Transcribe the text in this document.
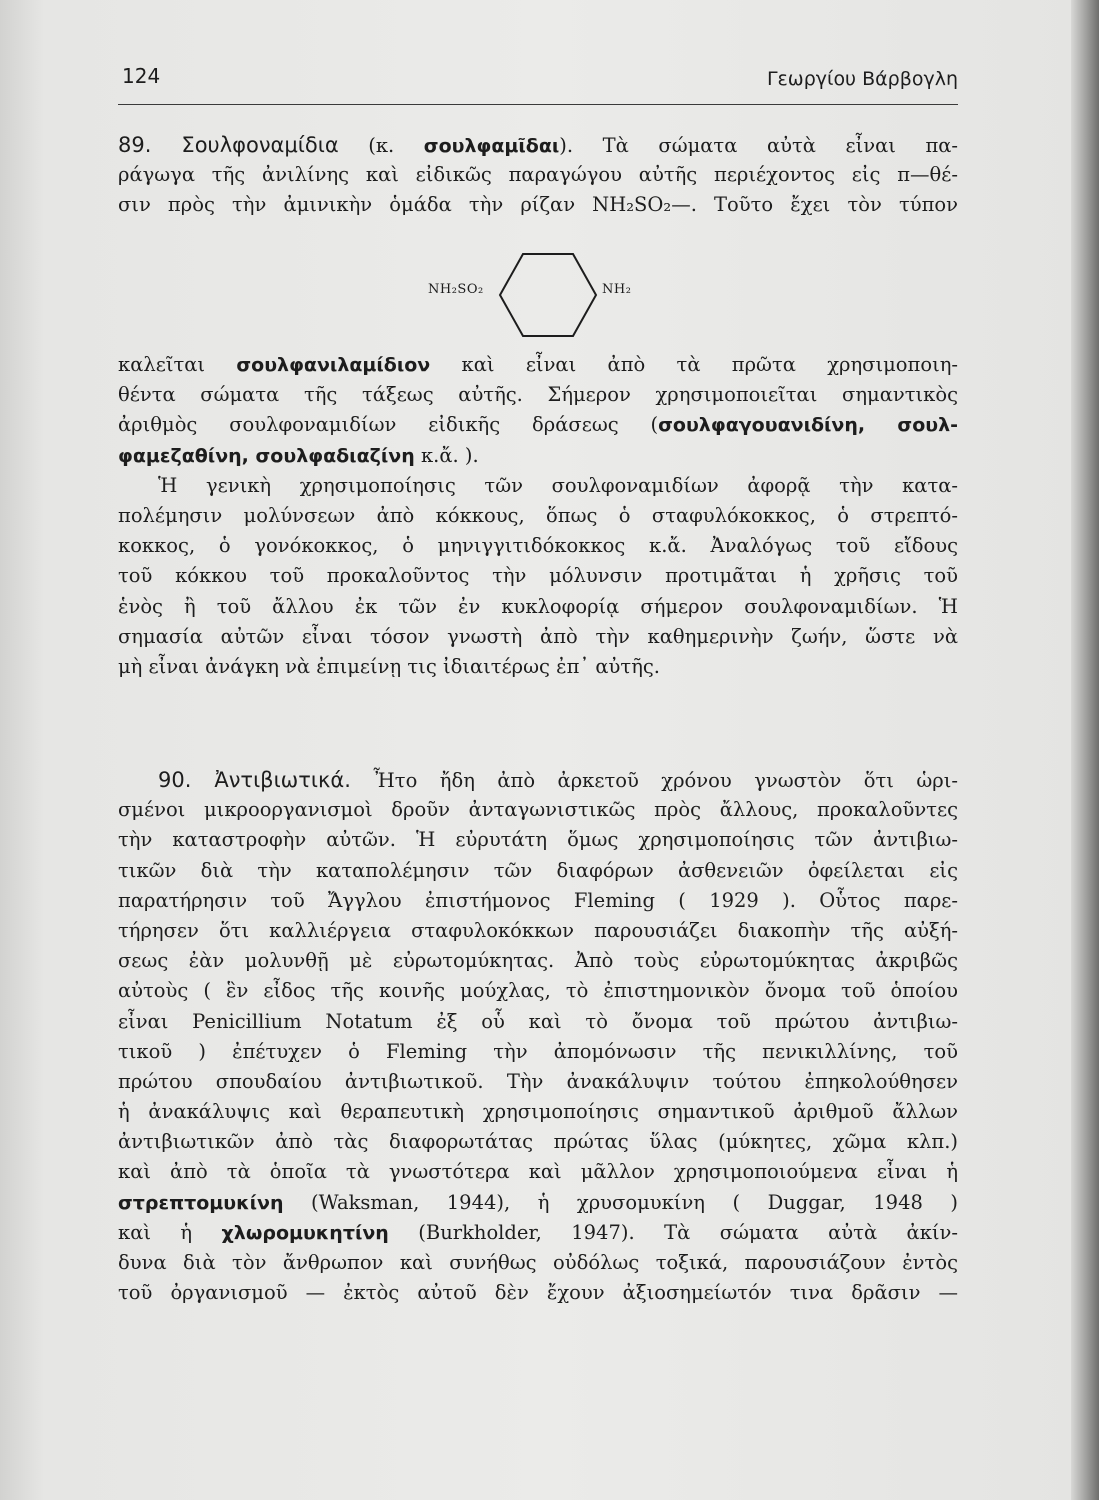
124	Γεωργίου Βάρβογλη
89. Σουλφοναμίδια (κ. σουλφαμῖδαι). Τὰ σώματα αὐτὰ εἶναι πα-
ράγωγα τῆς ἀνιλίνης καὶ εἰδικῶς παραγώγου αὐτῆς περιέχοντος εἰς π—θέ-
σιν πρὸς τὴν ἀμινικὴν ὁμάδα τὴν ρίζαν NH₂SO₂—. Τοῦτο ἔχει τὸν τύπον
NH₂SO₂	NH₂
καλεῖται σουλφανιλαμίδιον καὶ εἶναι ἀπὸ τὰ πρῶτα χρησιμοποιη-
θέντα σώματα τῆς τάξεως αὐτῆς. Σήμερον χρησιμοποιεῖται σημαντικὸς
ἀριθμὸς σουλφοναμιδίων εἰδικῆς δράσεως (σουλφαγουανιδίνη, σουλ-
φαμεζαθίνη, σουλφαδιαζίνη κ.ἄ. ).
Ἡ γενικὴ χρησιμοποίησις τῶν σουλφοναμιδίων ἀφορᾷ τὴν κατα-
πολέμησιν μολύνσεων ἀπὸ κόκκους, ὅπως ὁ σταφυλόκοκκος, ὁ στρεπτό-
κοκκος, ὁ γονόκοκκος, ὁ μηνιγγιτιδόκοκκος κ.ἄ. Ἀναλόγως τοῦ εἴδους
τοῦ κόκκου τοῦ προκαλοῦντος τὴν μόλυνσιν προτιμᾶται ἡ χρῆσις τοῦ
ἑνὸς ἢ τοῦ ἄλλου ἐκ τῶν ἐν κυκλοφορίᾳ σήμερον σουλφοναμιδίων. Ἡ
σημασία αὐτῶν εἶναι τόσον γνωστὴ ἀπὸ τὴν καθημερινὴν ζωήν, ὥστε νὰ
μὴ εἶναι ἀνάγκη νὰ ἐπιμείνῃ τις ἰδιαιτέρως ἐπ᾽ αὐτῆς.
90. Ἀντιβιωτικά. Ἦτο ἤδη ἀπὸ ἀρκετοῦ χρόνου γνωστὸν ὅτι ὡρι-
σμένοι μικροοργανισμοὶ δροῦν ἀνταγωνιστικῶς πρὸς ἄλλους, προκαλοῦντες
τὴν καταστροφὴν αὐτῶν. Ἡ εὐρυτάτη ὅμως χρησιμοποίησις τῶν ἀντιβιω-
τικῶν διὰ τὴν καταπολέμησιν τῶν διαφόρων ἀσθενειῶν ὀφείλεται εἰς
παρατήρησιν τοῦ Ἄγγλου ἐπιστήμονος Fleming ( 1929 ). Οὗτος παρε-
τήρησεν ὅτι καλλιέργεια σταφυλοκόκκων παρουσιάζει διακοπὴν τῆς αὐξή-
σεως ἐὰν μολυνθῇ μὲ εὐρωτομύκητας. Ἀπὸ τοὺς εὐρωτομύκητας ἀκριβῶς
αὐτοὺς ( ἓν εἶδος τῆς κοινῆς μούχλας, τὸ ἐπιστημονικὸν ὄνομα τοῦ ὁποίου
εἶναι Penicillium Notatum ἐξ οὗ καὶ τὸ ὄνομα τοῦ πρώτου ἀντιβιω-
τικοῦ ) ἐπέτυχεν ὁ Fleming τὴν ἀπομόνωσιν τῆς πενικιλλίνης, τοῦ
πρώτου σπουδαίου ἀντιβιωτικοῦ. Τὴν ἀνακάλυψιν τούτου ἐπηκολούθησεν
ἡ ἀνακάλυψις καὶ θεραπευτικὴ χρησιμοποίησις σημαντικοῦ ἀριθμοῦ ἄλλων
ἀντιβιωτικῶν ἀπὸ τὰς διαφορωτάτας πρώτας ὕλας (μύκητες, χῶμα κλπ.)
καὶ ἀπὸ τὰ ὁποῖα τὰ γνωστότερα καὶ μᾶλλον χρησιμοποιούμενα εἶναι ἡ
στρεπτομυκίνη (Waksman, 1944), ἡ χρυσομυκίνη ( Duggar, 1948 )
καὶ ἡ χλωρομυκητίνη (Burkholder, 1947). Τὰ σώματα αὐτὰ ἀκίν-
δυνα διὰ τὸν ἄνθρωπον καὶ συνήθως οὐδόλως τοξικά, παρουσιάζουν ἐντὸς
τοῦ ὀργανισμοῦ — ἐκτὸς αὐτοῦ δὲν ἔχουν ἀξιοσημείωτόν τινα δρᾶσιν —
